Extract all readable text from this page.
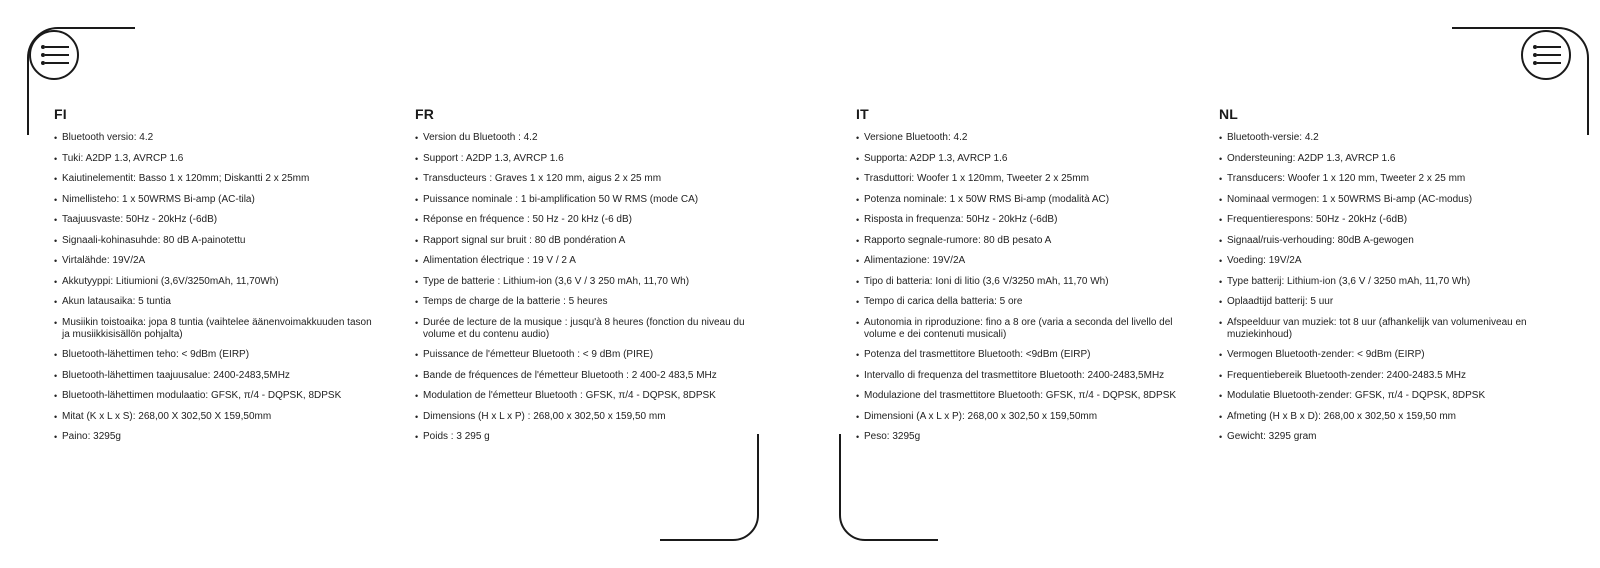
FI
• Bluetooth versio: 4.2
• Tuki: A2DP 1.3, AVRCP 1.6
• Kaiutinelementit: Basso 1 x 120mm; Diskantti 2 x 25mm
• Nimellisteho: 1 x 50WRMS Bi-amp (AC-tila)
• Taajuusvaste: 50Hz - 20kHz (-6dB)
• Signaali-kohinasuhde: 80 dB A-painotettu
• Virtalähde: 19V/2A
• Akkutyyppi: Litiumioni (3,6V/3250mAh, 11,70Wh)
• Akun latausaika: 5 tuntia
• Musiikin toistoaika: jopa 8 tuntia (vaihtelee äänenvoimakkuuden tason ja musiikkisisällön pohjalta)
• Bluetooth-lähettimen teho: < 9dBm (EIRP)
• Bluetooth-lähettimen taajuusalue: 2400-2483,5MHz
• Bluetooth-lähettimen modulaatio: GFSK, π/4 - DQPSK, 8DPSK
• Mitat (K x L x S): 268,00 X 302,50 X 159,50mm
• Paino: 3295g
FR
• Version du Bluetooth : 4.2
• Support : A2DP 1.3, AVRCP 1.6
• Transducteurs : Graves 1 x 120 mm, aigus 2 x 25 mm
• Puissance nominale : 1 bi-amplification 50 W RMS (mode CA)
• Réponse en fréquence : 50 Hz - 20 kHz (-6 dB)
• Rapport signal sur bruit : 80 dB pondération A
• Alimentation électrique : 19 V / 2 A
• Type de batterie : Lithium-ion (3,6 V / 3 250 mAh, 11,70 Wh)
• Temps de charge de la batterie : 5 heures
• Durée de lecture de la musique : jusqu'à 8 heures (fonction du niveau du volume et du contenu audio)
• Puissance de l'émetteur Bluetooth : < 9 dBm (PIRE)
• Bande de fréquences de l'émetteur Bluetooth : 2 400-2 483,5 MHz
• Modulation de l'émetteur Bluetooth : GFSK, π/4 - DQPSK, 8DPSK
• Dimensions (H x L x P) : 268,00 x 302,50 x 159,50 mm
• Poids : 3 295 g
IT
• Versione Bluetooth: 4.2
• Supporta: A2DP 1.3, AVRCP 1.6
• Trasduttori: Woofer 1 x 120mm, Tweeter 2 x 25mm
• Potenza nominale: 1 x 50W RMS Bi-amp (modalità AC)
• Risposta in frequenza: 50Hz - 20kHz (-6dB)
• Rapporto segnale-rumore: 80 dB pesato A
• Alimentazione: 19V/2A
• Tipo di batteria: Ioni di litio (3,6 V/3250 mAh, 11,70 Wh)
• Tempo di carica della batteria: 5 ore
• Autonomia in riproduzione: fino a 8 ore (varia a seconda del livello del volume e dei contenuti musicali)
• Potenza del trasmettitore Bluetooth: <9dBm (EIRP)
• Intervallo di frequenza del trasmettitore Bluetooth: 2400-2483,5MHz
• Modulazione del trasmettitore Bluetooth: GFSK, π/4 - DQPSK, 8DPSK
• Dimensioni (A x L x P): 268,00 x 302,50 x 159,50mm
• Peso: 3295g
NL
• Bluetooth-versie: 4.2
• Ondersteuning: A2DP 1.3, AVRCP 1.6
• Transducers: Woofer 1 x 120 mm, Tweeter 2 x 25 mm
• Nominaal vermogen: 1 x 50WRMS Bi-amp (AC-modus)
• Frequentierespons: 50Hz - 20kHz (-6dB)
• Signaal/ruis-verhouding: 80dB A-gewogen
• Voeding: 19V/2A
• Type batterij: Lithium-ion (3,6 V / 3250 mAh, 11,70 Wh)
• Oplaadtijd batterij: 5 uur
• Afspeelduur van muziek: tot 8 uur (afhankelijk van volumeniveau en muziekinhoud)
• Vermogen Bluetooth-zender: < 9dBm (EIRP)
• Frequentiebereik Bluetooth-zender: 2400-2483.5 MHz
• Modulatie Bluetooth-zender: GFSK, π/4 - DQPSK, 8DPSK
• Afmeting (H x B x D): 268,00 x 302,50 x 159,50 mm
• Gewicht: 3295 gram
